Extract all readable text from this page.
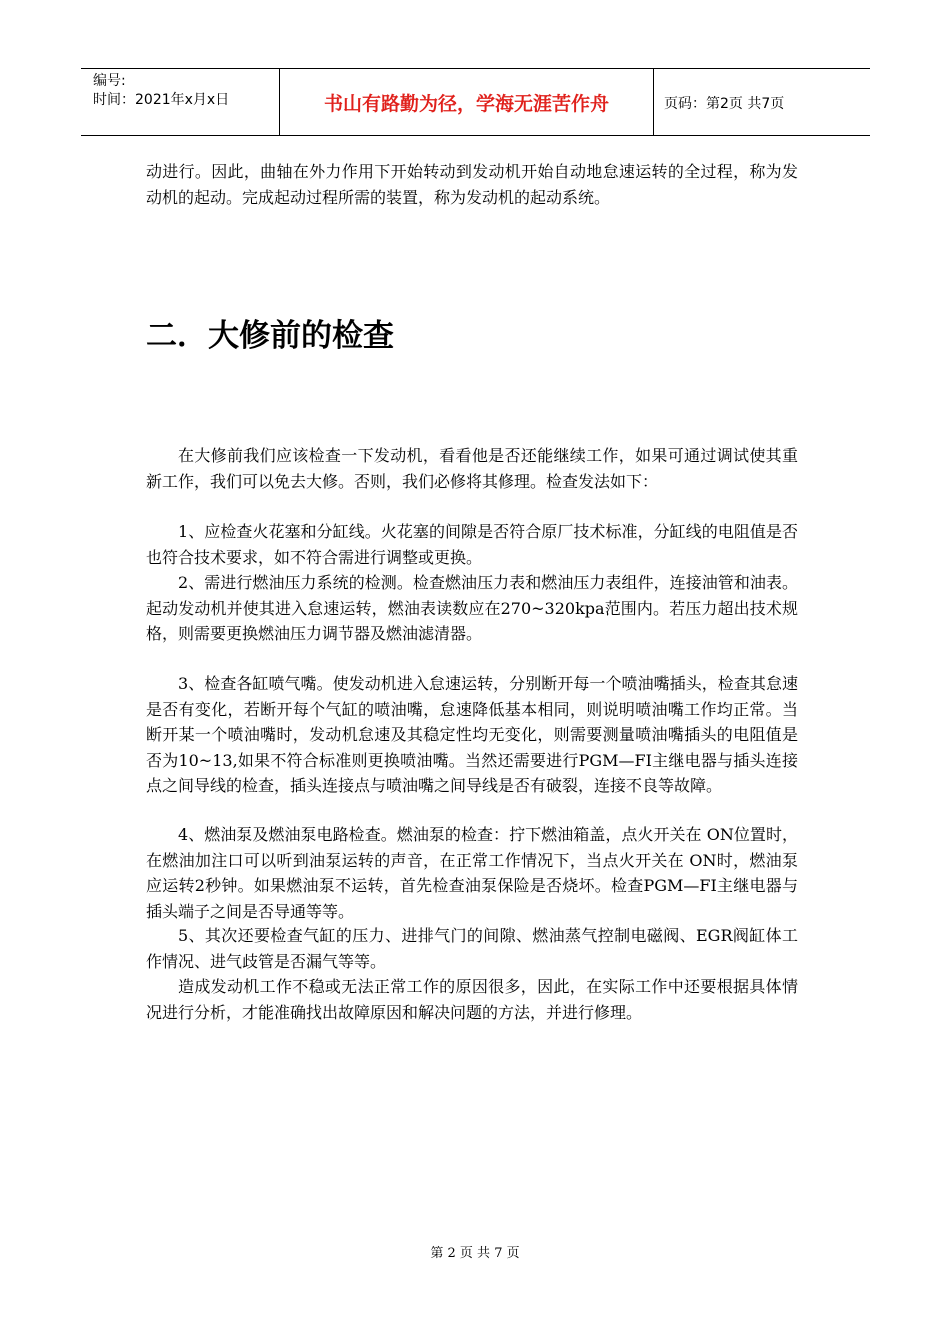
编号:
时间：2021年x月x日	书山有路勤为径，学海无涯苦作舟	页码：第2页 共7页

动进行。因此，曲轴在外力作用下开始转动到发动机开始自动地怠速运转的全过程，称为发动机的起动。完成起动过程所需的装置，称为发动机的起动系统。

二．大修前的检查

在大修前我们应该检查一下发动机，看看他是否还能继续工作，如果可通过调试使其重新工作，我们可以免去大修。否则，我们必修将其修理。检查发法如下：

1、应检查火花塞和分缸线。火花塞的间隙是否符合原厂技术标准，分缸线的电阻值是否也符合技术要求，如不符合需进行调整或更换。

2、需进行燃油压力系统的检测。检查燃油压力表和燃油压力表组件，连接油管和油表。起动发动机并使其进入怠速运转，燃油表读数应在270~320kpa范围内。若压力超出技术规格，则需要更换燃油压力调节器及燃油滤清器。

3、检查各缸喷气嘴。使发动机进入怠速运转，分别断开每一个喷油嘴插头，检查其怠速是否有变化，若断开每个气缸的喷油嘴，怠速降低基本相同，则说明喷油嘴工作均正常。当断开某一个喷油嘴时，发动机怠速及其稳定性均无变化，则需要测量喷油嘴插头的电阻值是否为10~13,如果不符合标准则更换喷油嘴。当然还需要进行PGM—FI主继电器与插头连接点之间导线的检查，插头连接点与喷油嘴之间导线是否有破裂，连接不良等故障。

4、燃油泵及燃油泵电路检查。燃油泵的检查：拧下燃油箱盖，点火开关在 ON位置时，在燃油加注口可以听到油泵运转的声音，在正常工作情况下，当点火开关在 ON时，燃油泵应运转2秒钟。如果燃油泵不运转，首先检查油泵保险是否烧坏。检查PGM—FI主继电器与插头端子之间是否导通等等。

5、其次还要检查气缸的压力、进排气门的间隙、燃油蒸气控制电磁阀、EGR阀缸体工作情况、进气歧管是否漏气等等。

造成发动机工作不稳或无法正常工作的原因很多，因此，在实际工作中还要根据具体情况进行分析，才能准确找出故障原因和解决问题的方法，并进行修理。

第 2 页 共 7 页
